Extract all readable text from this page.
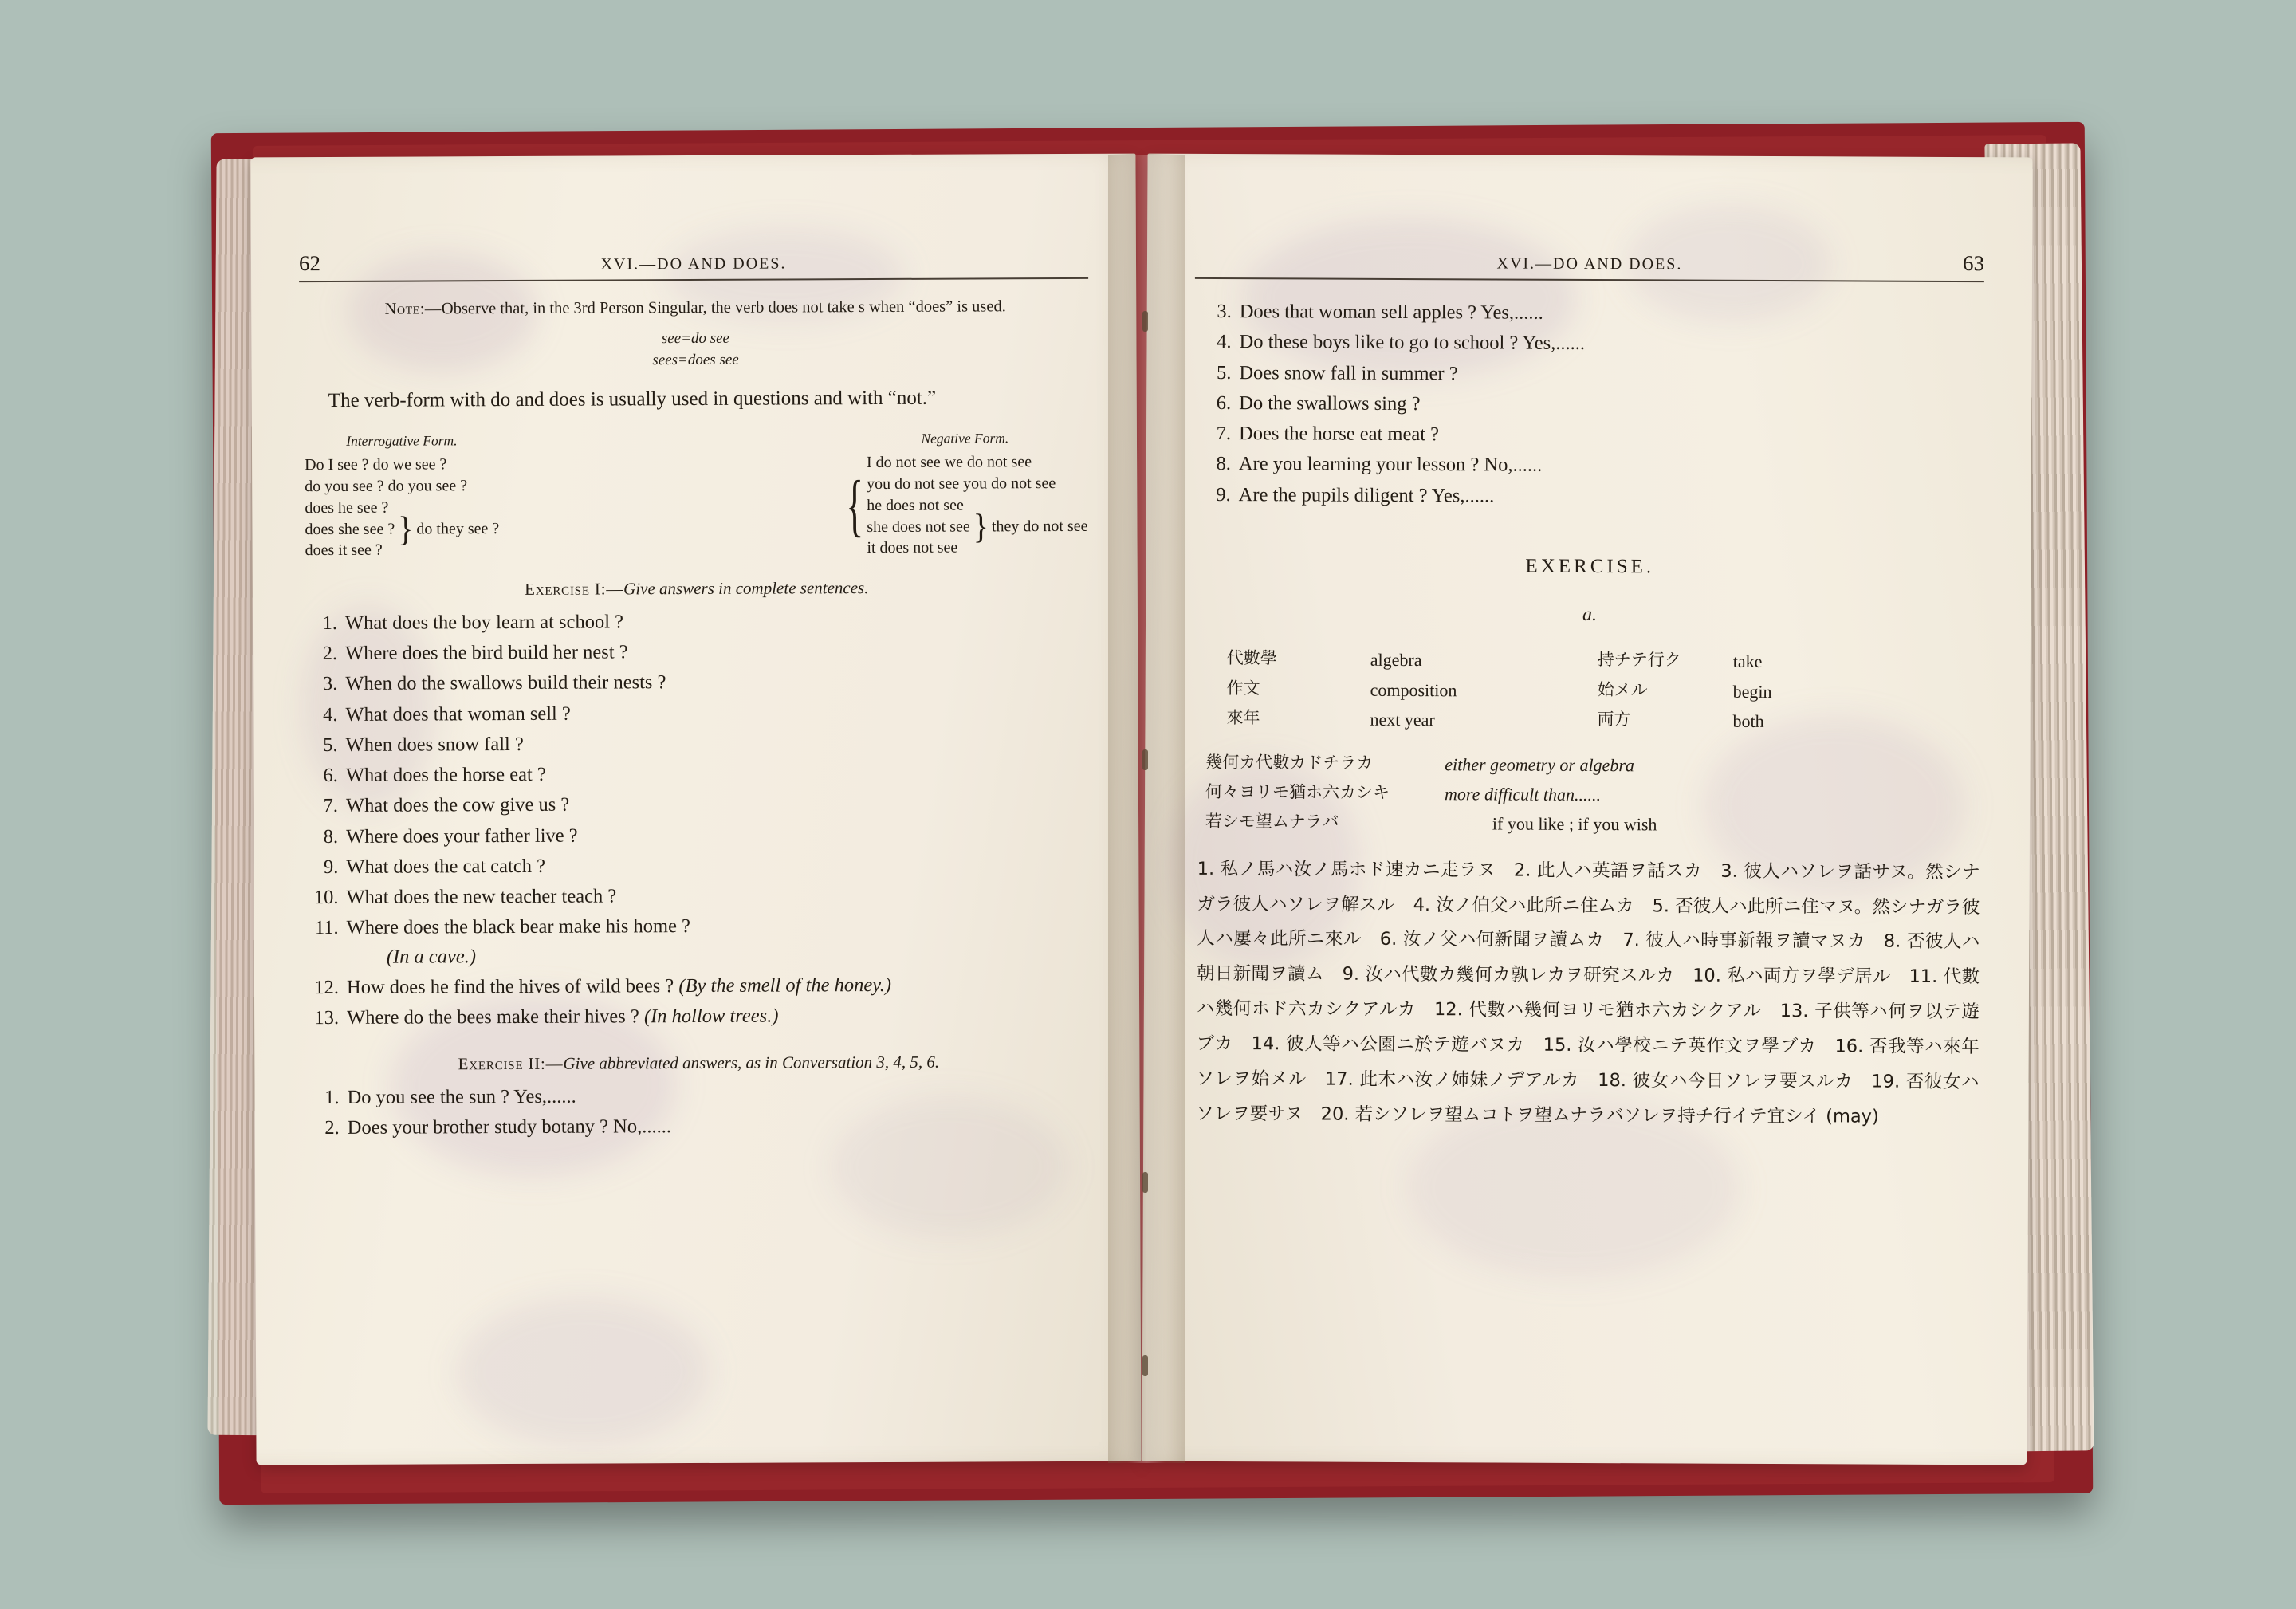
62	XVI.—DO AND DOES.

Note:—Observe that, in the 3rd Person Singular, the verb does not take s when “does” is used.

see=do see
sees=does see

The verb-form with do and does is usually used in questions and with “not.”

Interrogative Form.
Do I see ? do we see ?
do you see ? do you see ?
does he see ?
does she see ?
does it see ?
} do they see ?
Negative Form.
{
I do not see we do not see
you do not see you do not see
he does not see
she does not see
it does not see
} they do not see
Exercise I:—Give answers in complete sentences.
1. What does the boy learn at school ?
2. Where does the bird build her nest ?
3. When do the swallows build their nests ?
4. What does that woman sell ?
5. When does snow fall ?
6. What does the horse eat ?
7. What does the cow give us ?
8. Where does your father live ?
9. What does the cat catch ?
10. What does the new teacher teach ?
11. Where does the black bear make his home ?
(In a cave.)
12. How does he find the hives of wild bees ? (By the smell of the honey.)
13. Where do the bees make their hives ? (In hollow trees.)
Exercise II:—Give abbreviated answers, as in Conversation 3, 4, 5, 6.
1. Do you see the sun ? Yes,......
2. Does your brother study botany ? No,......
XVI.—DO AND DOES.	63
3. Does that woman sell apples ? Yes,......
4. Do these boys like to go to school ? Yes,......
5. Does snow fall in summer ?
6. Do the swallows sing ?
7. Does the horse eat meat ?
8. Are you learning your lesson ? No,......
9. Are the pupils diligent ? Yes,......
EXERCISE.
a.
代數學	algebra	持チテ行ク	take
作文	composition	始メル	begin
來年	next year	両方	both
幾何カ代數カドチラカ	either geometry or algebra
何々ヨリモ猶ホ六カシキ	more difficult than......
若シモ望ムナラバ	if you like ; if you wish
1. 私ノ馬ハ汝ノ馬ホド速カニ走ラヌ　2. 此人ハ英語ヲ話スカ　3. 彼人ハソレヲ話サヌ。然シナガラ彼人ハソレヲ解スル　4. 汝ノ伯父ハ此所ニ住ムカ　5. 否彼人ハ此所ニ住マヌ。然シナガラ彼人ハ屢々此所ニ來ル　6. 汝ノ父ハ何新聞ヲ讀ムカ　7. 彼人ハ時事新報ヲ讀マヌカ　8. 否彼人ハ朝日新聞ヲ讀ム　9. 汝ハ代數カ幾何カ孰レカヲ研究スルカ　10. 私ハ両方ヲ學デ居ル　11. 代數ハ幾何ホド六カシクアルカ　12. 代數ハ幾何ヨリモ猶ホ六カシクアル　13. 子供等ハ何ヲ以テ遊ブカ　14. 彼人等ハ公園ニ於テ遊バヌカ　15. 汝ハ學校ニテ英作文ヲ學ブカ　16. 否我等ハ來年ソレヲ始メル　17. 此木ハ汝ノ姉妹ノデアルカ　18. 彼女ハ今日ソレヲ要スルカ　19. 否彼女ハソレヲ要サヌ　20. 若シソレヲ望ムコトヲ望ムナラバソレヲ持チ行イテ宜シイ (may)
